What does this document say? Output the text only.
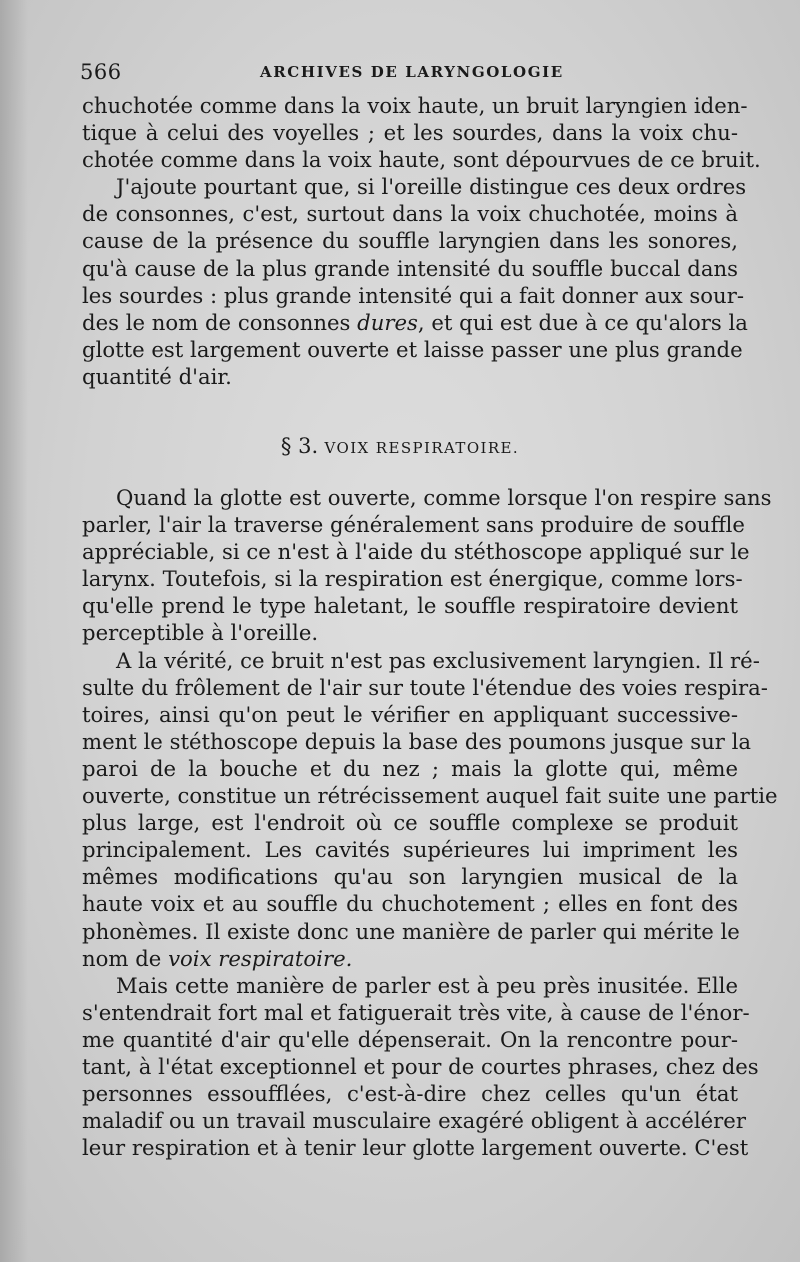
566	ARCHIVES DE LARYNGOLOGIE
chuchotée comme dans la voix haute, un bruit laryngien iden-
tique à celui des voyelles ; et les sourdes, dans la voix chu-
chotée comme dans la voix haute, sont dépourvues de ce bruit.
J'ajoute pourtant que, si l'oreille distingue ces deux ordres
de consonnes, c'est, surtout dans la voix chuchotée, moins à
cause de la présence du souffle laryngien dans les sonores,
qu'à cause de la plus grande intensité du souffle buccal dans
les sourdes : plus grande intensité qui a fait donner aux sour-
des le nom de consonnes dures, et qui est due à ce qu'alors la
glotte est largement ouverte et laisse passer une plus grande
quantité d'air.
§ 3. VOIX RESPIRATOIRE.
Quand la glotte est ouverte, comme lorsque l'on respire sans
parler, l'air la traverse généralement sans produire de souffle
appréciable, si ce n'est à l'aide du stéthoscope appliqué sur le
larynx. Toutefois, si la respiration est énergique, comme lors-
qu'elle prend le type haletant, le souffle respiratoire devient
perceptible à l'oreille.
A la vérité, ce bruit n'est pas exclusivement laryngien. Il ré-
sulte du frôlement de l'air sur toute l'étendue des voies respira-
toires, ainsi qu'on peut le vérifier en appliquant successive-
ment le stéthoscope depuis la base des poumons jusque sur la
paroi de la bouche et du nez ; mais la glotte qui, même
ouverte, constitue un rétrécissement auquel fait suite une partie
plus large, est l'endroit où ce souffle complexe se produit
principalement. Les cavités supérieures lui impriment les
mêmes modifications qu'au son laryngien musical de la
haute voix et au souffle du chuchotement ; elles en font des
phonèmes. Il existe donc une manière de parler qui mérite le
nom de voix respiratoire.
Mais cette manière de parler est à peu près inusitée. Elle
s'entendrait fort mal et fatiguerait très vite, à cause de l'énor-
me quantité d'air qu'elle dépenserait. On la rencontre pour-
tant, à l'état exceptionnel et pour de courtes phrases, chez des
personnes essoufflées, c'est-à-dire chez celles qu'un état
maladif ou un travail musculaire exagéré obligent à accélérer
leur respiration et à tenir leur glotte largement ouverte. C'est
